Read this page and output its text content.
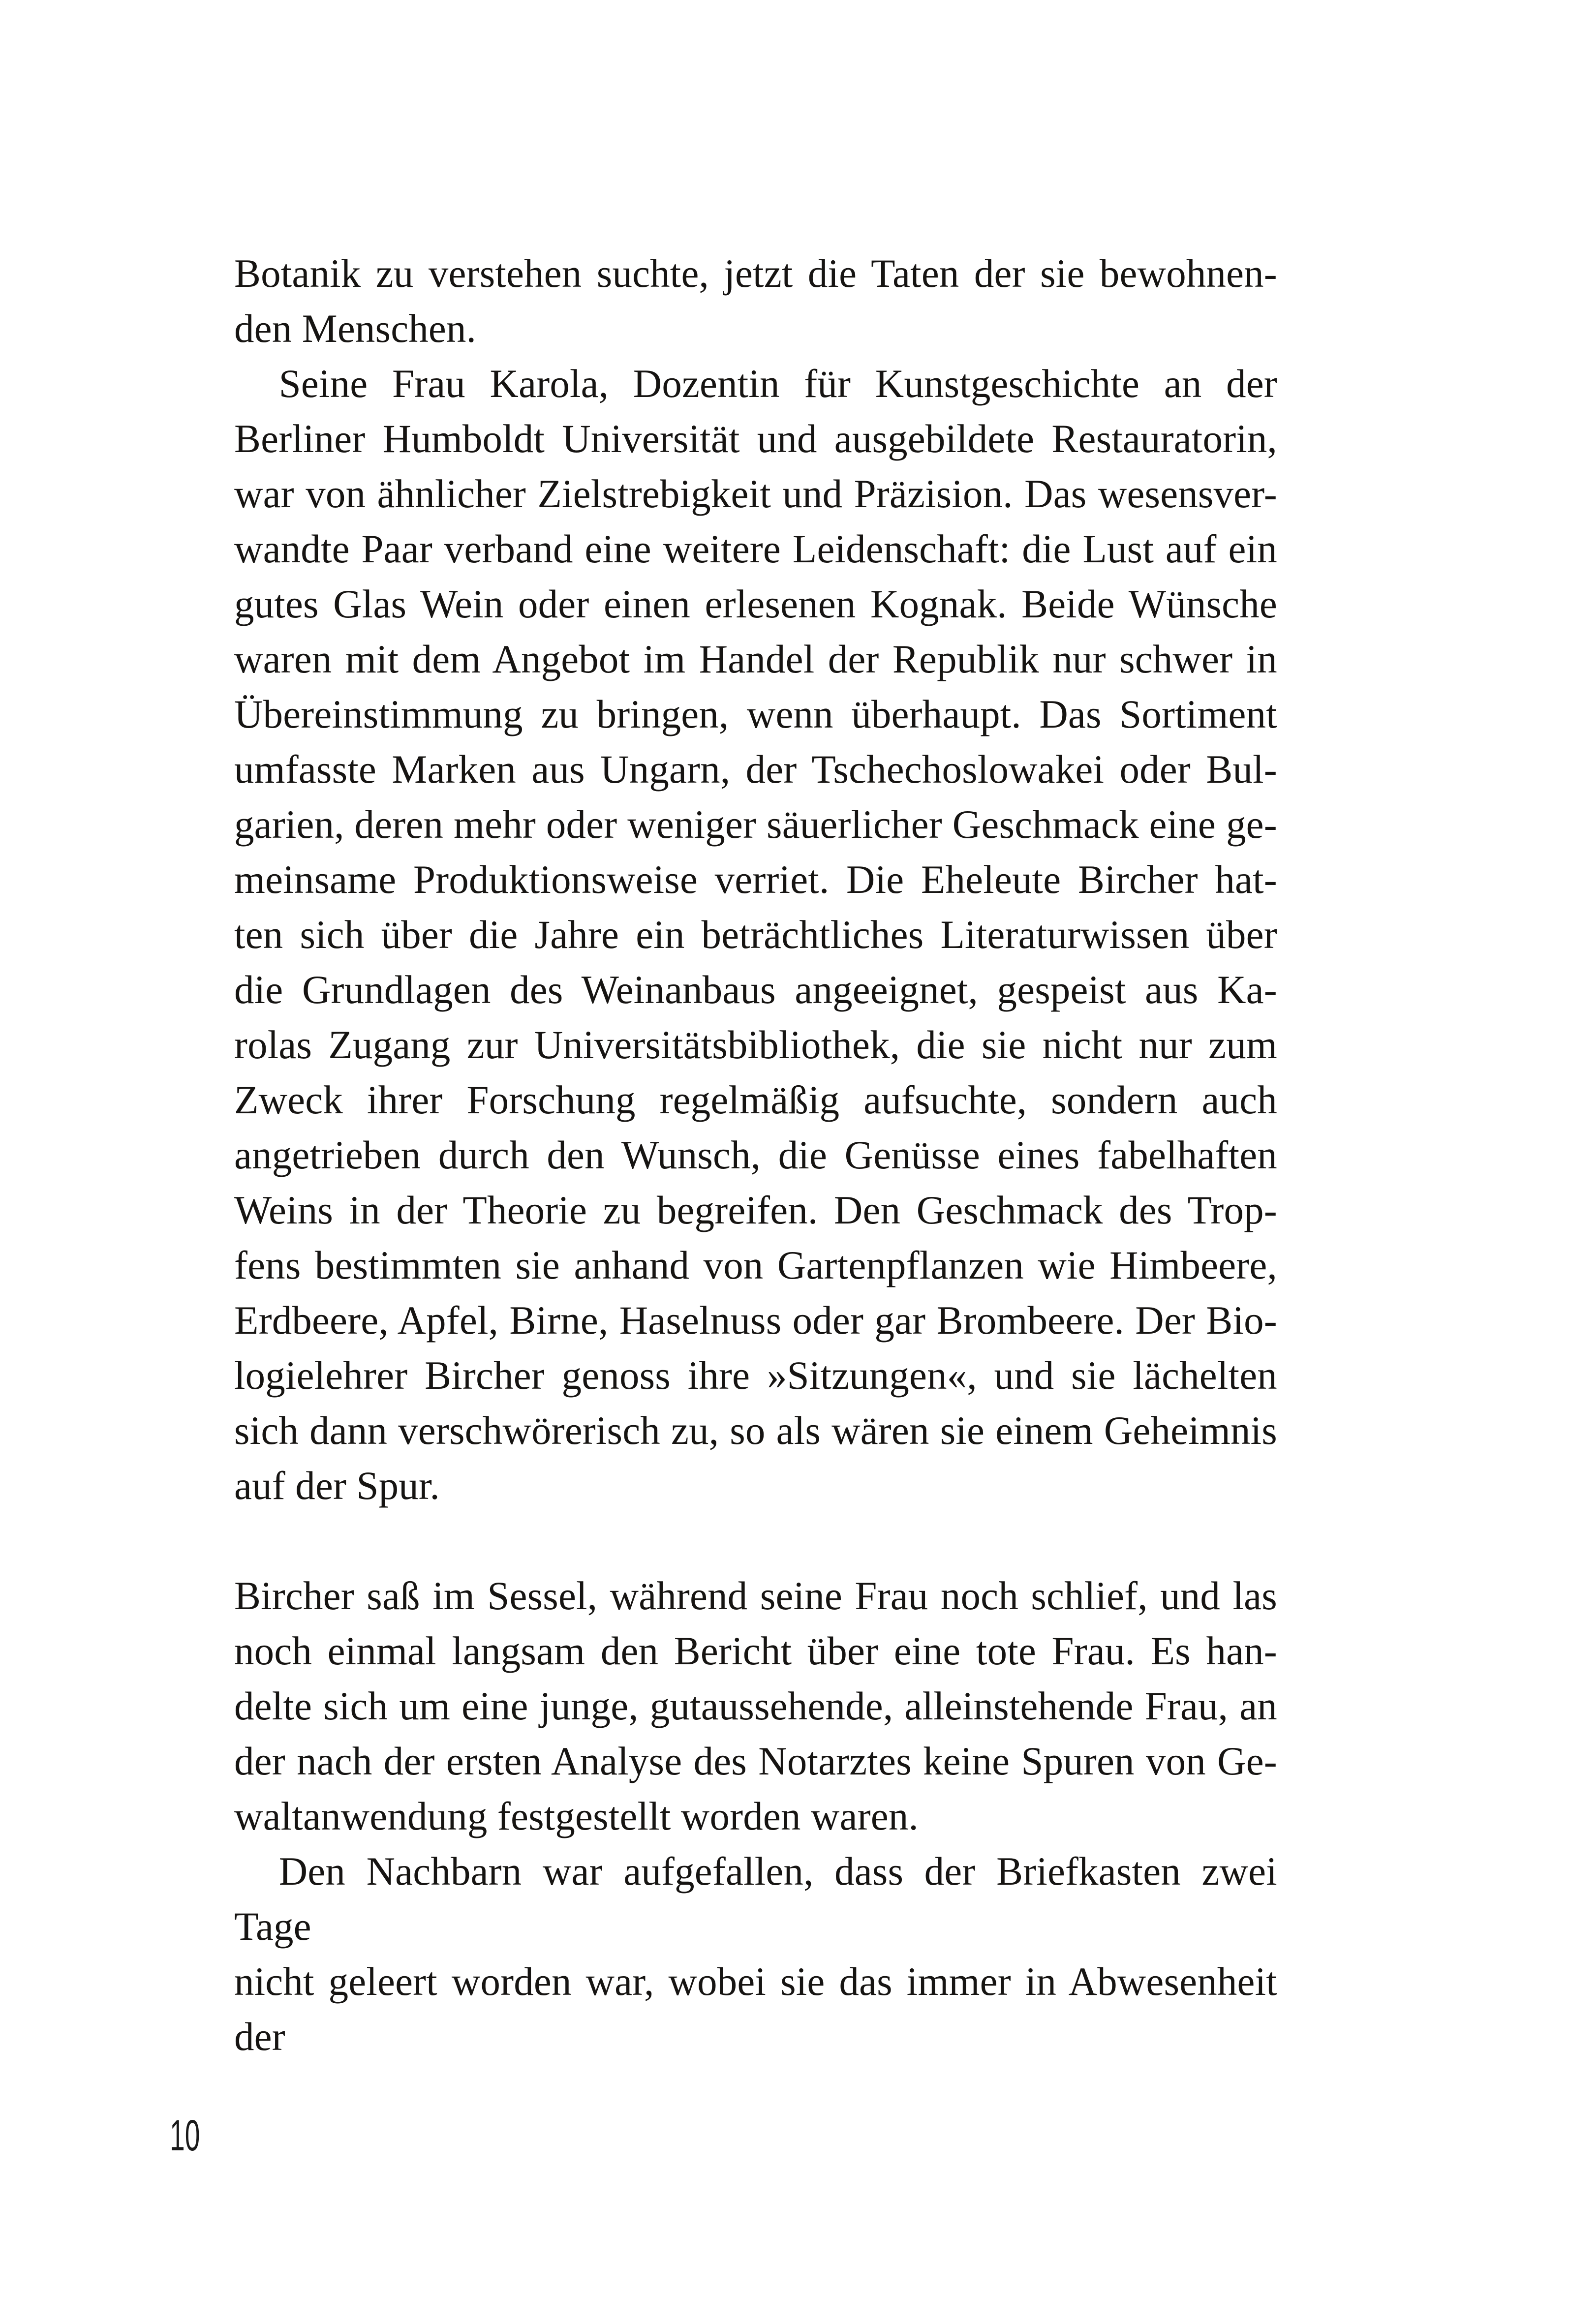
Botanik zu verstehen suchte, jetzt die Taten der sie bewohnen-
den Menschen.
Seine Frau Karola, Dozentin für Kunstgeschichte an der
Berliner Humboldt Universität und ausgebildete Restauratorin,
war von ähnlicher Zielstrebigkeit und Präzision. Das wesensver-
wandte Paar verband eine weitere Leidenschaft: die Lust auf ein
gutes Glas Wein oder einen erlesenen Kognak. Beide Wünsche
waren mit dem Angebot im Handel der Republik nur schwer in
Übereinstimmung zu bringen, wenn überhaupt. Das Sortiment
umfasste Marken aus Ungarn, der Tschechoslowakei oder Bul-
garien, deren mehr oder weniger säuerlicher Geschmack eine ge-
meinsame Produktionsweise verriet. Die Eheleute Bircher hat-
ten sich über die Jahre ein beträchtliches Literaturwissen über
die Grundlagen des Weinanbaus angeeignet, gespeist aus Ka-
rolas Zugang zur Universitätsbibliothek, die sie nicht nur zum
Zweck ihrer Forschung regelmäßig aufsuchte, sondern auch
angetrieben durch den Wunsch, die Genüsse eines fabelhaften
Weins in der Theorie zu begreifen. Den Geschmack des Trop-
fens bestimmten sie anhand von Gartenpflanzen wie Himbeere,
Erdbeere, Apfel, Birne, Haselnuss oder gar Brombeere. Der Bio-
logielehrer Bircher genoss ihre »Sitzungen«, und sie lächelten
sich dann verschwörerisch zu, so als wären sie einem Geheimnis
auf der Spur.
Bircher saß im Sessel, während seine Frau noch schlief, und las
noch einmal langsam den Bericht über eine tote Frau. Es han-
delte sich um eine junge, gutaussehende, alleinstehende Frau, an
der nach der ersten Analyse des Notarztes keine Spuren von Ge-
waltanwendung festgestellt worden waren.
Den Nachbarn war aufgefallen, dass der Briefkasten zwei Tage
nicht geleert worden war, wobei sie das immer in Abwesenheit der
10
